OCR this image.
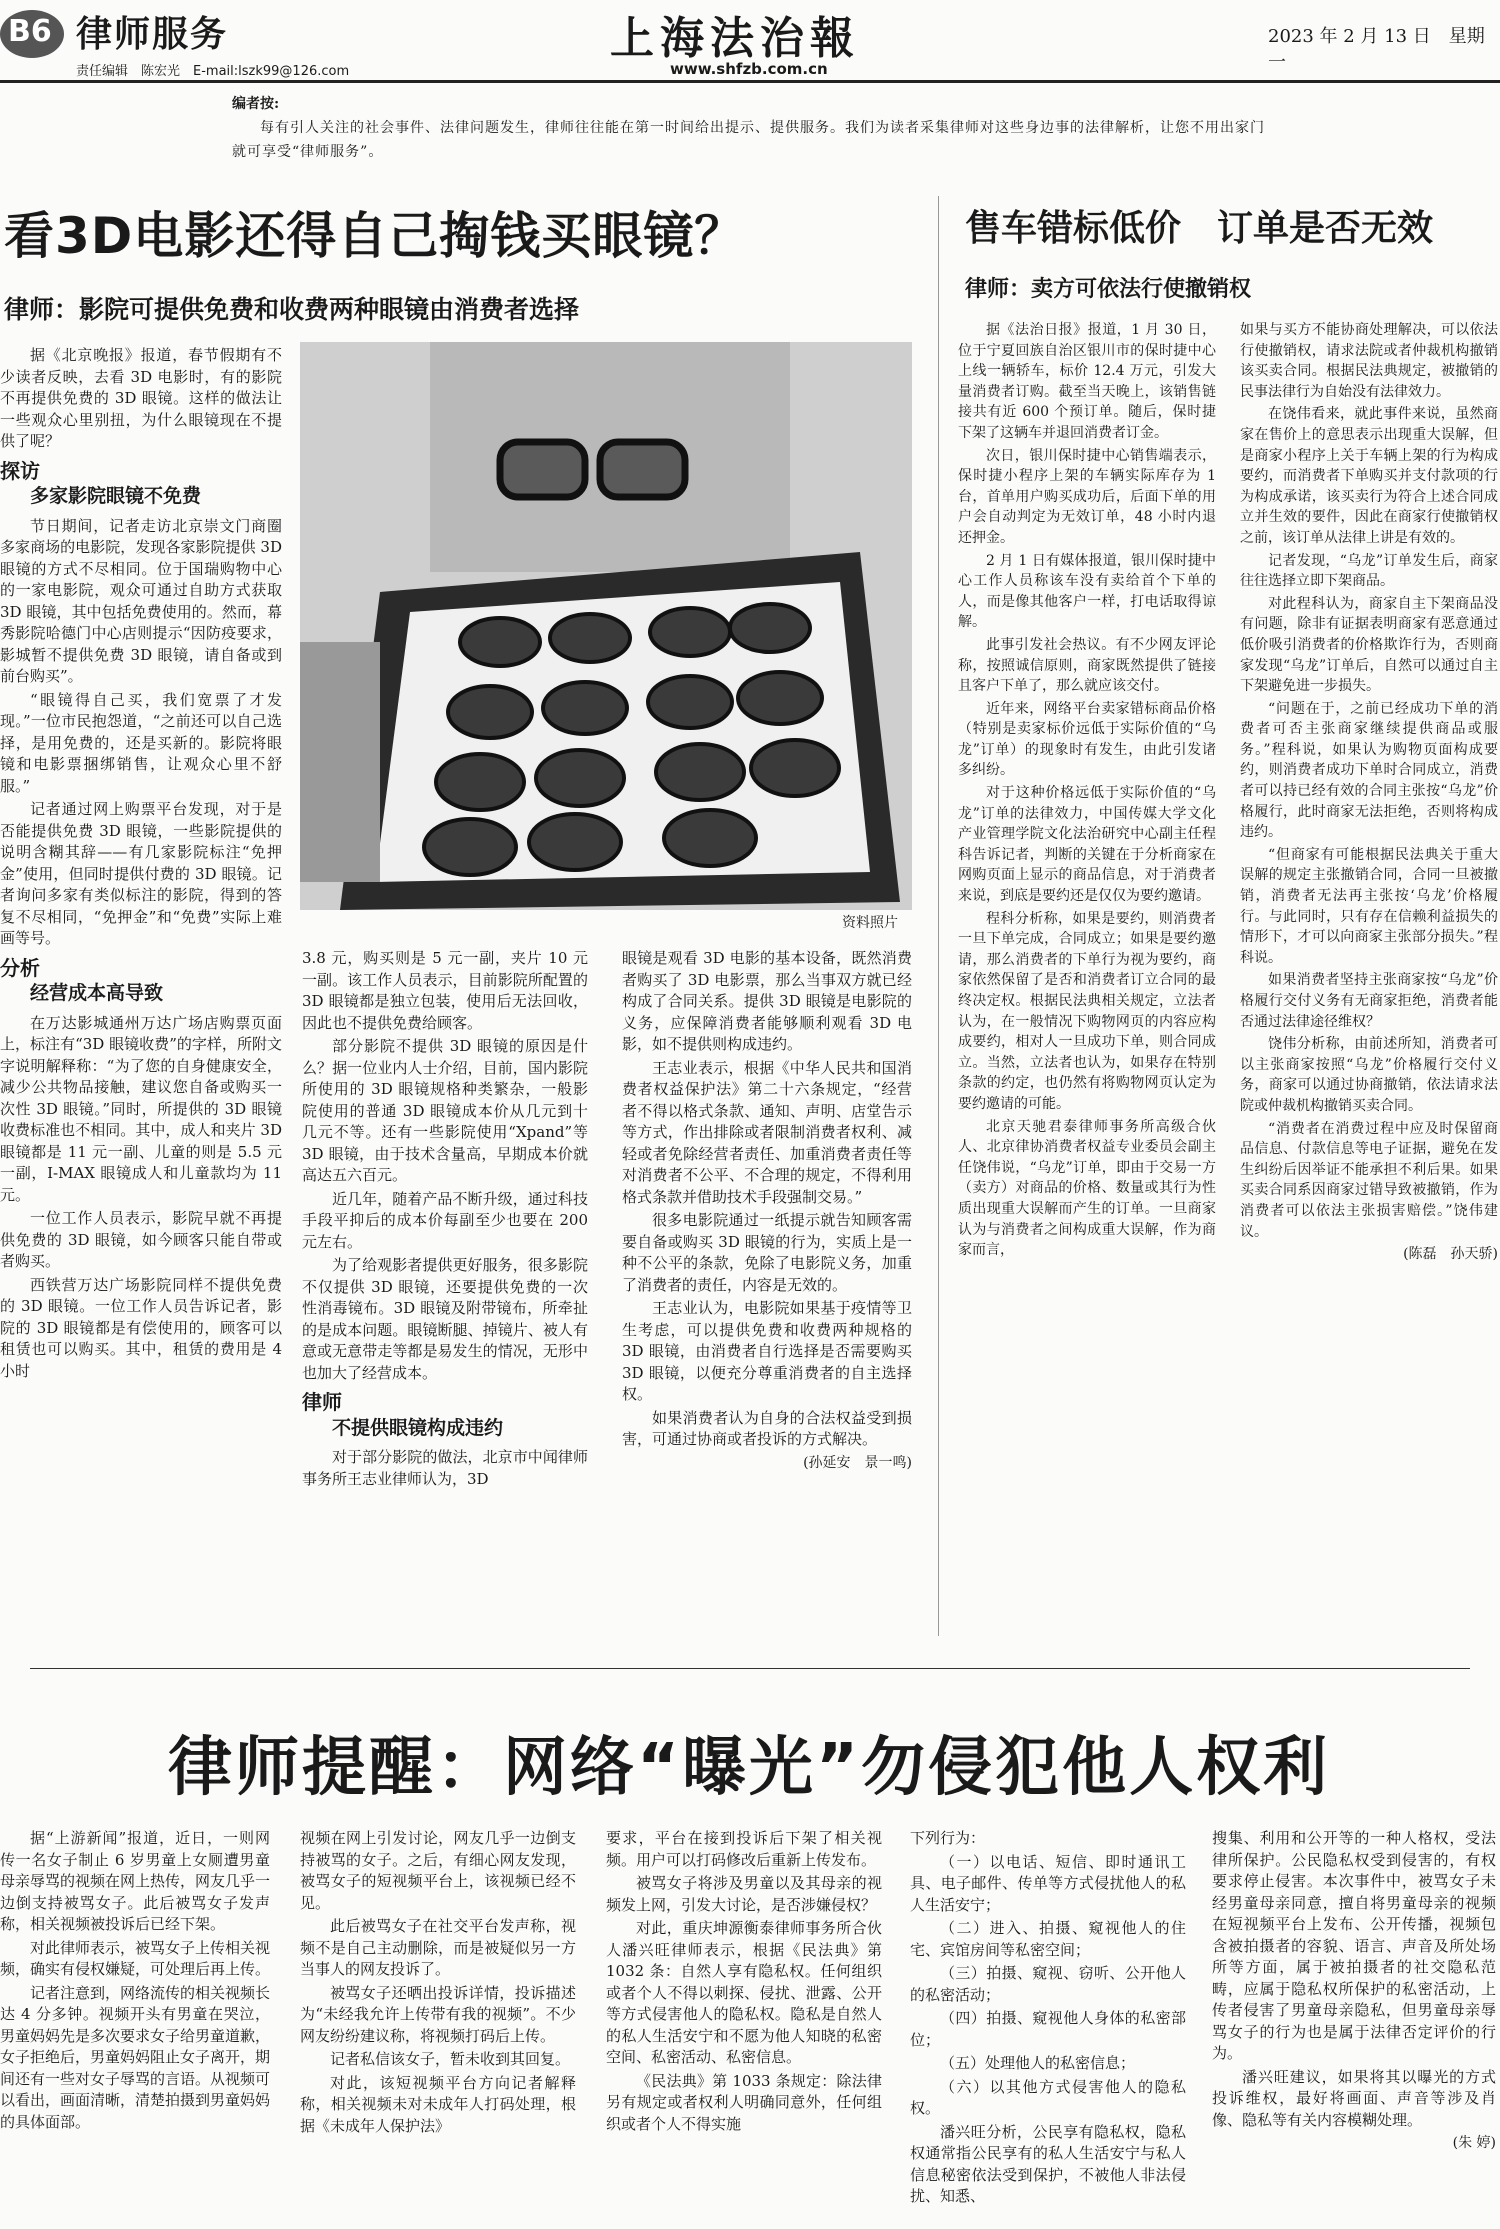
B6 律师服务
责任编辑　陈宏光　E-mail:lszk99@126.com
上海法治報
www.shfzb.com.cn
2023 年 2 月 13 日　星期一
编者按:
每有引人关注的社会事件、法律问题发生，律师往往能在第一时间给出提示、提供服务。我们为读者采集律师对这些身边事的法律解析，让您不用出家门就可享受“律师服务”。
看3D电影还得自己掏钱买眼镜？
律师：影院可提供免费和收费两种眼镜由消费者选择
资料照片

据《北京晚报》报道，春节假期有不少读者反映，去看 3D 电影时，有的影院不再提供免费的 3D 眼镜。这样的做法让一些观众心里别扭，为什么眼镜现在不提供了呢？

探访
多家影院眼镜不免费

节日期间，记者走访北京崇文门商圈多家商场的电影院，发现各家影院提供 3D 眼镜的方式不尽相同。位于国瑞购物中心的一家电影院，观众可通过自助方式获取 3D 眼镜，其中包括免费使用的。然而，幕秀影院哈德门中心店则提示“因防疫要求，影城暂不提供免费 3D 眼镜，请自备或到前台购买”。

“眼镜得自己买，我们宽票了才发现。”一位市民抱怨道，“之前还可以自己选择，是用免费的，还是买新的。影院将眼镜和电影票捆绑销售，让观众心里不舒服。”

记者通过网上购票平台发现，对于是否能提供免费 3D 眼镜，一些影院提供的说明含糊其辞——有几家影院标注“免押金”使用，但同时提供付费的 3D 眼镜。记者询问多家有类似标注的影院，得到的答复不尽相同，“免押金”和“免费”实际上难画等号。

分析
经营成本高导致

在万达影城通州万达广场店购票页面上，标注有“3D 眼镜收费”的字样，所附文字说明解释称：“为了您的自身健康安全，减少公共物品接触，建议您自备或购买一次性 3D 眼镜。”同时，所提供的 3D 眼镜收费标准也不相同。其中，成人和夹片 3D 眼镜都是 11 元一副、儿童的则是 5.5 元一副，I-MAX 眼镜成人和儿童款均为 11 元。

一位工作人员表示，影院早就不再提供免费的 3D 眼镜，如今顾客只能自带或者购买。

西铁营万达广场影院同样不提供免费的 3D 眼镜。一位工作人员告诉记者，影院的 3D 眼镜都是有偿使用的，顾客可以租赁也可以购买。其中，租赁的费用是 4 小时

3.8 元，购买则是 5 元一副，夹片 10 元一副。该工作人员表示，目前影院所配置的 3D 眼镜都是独立包装，使用后无法回收，因此也不提供免费给顾客。

部分影院不提供 3D 眼镜的原因是什么？据一位业内人士介绍，目前，国内影院所使用的 3D 眼镜规格种类繁杂，一般影院使用的普通 3D 眼镜成本价从几元到十几元不等。还有一些影院使用“Xpand”等 3D 眼镜，由于技术含量高，早期成本价就高达五六百元。

近几年，随着产品不断升级，通过科技手段平抑后的成本价每副至少也要在 200 元左右。

为了给观影者提供更好服务，很多影院不仅提供 3D 眼镜，还要提供免费的一次性消毒镜布。3D 眼镜及附带镜布，所牵扯的是成本问题。眼镜断腿、掉镜片、被人有意或无意带走等都是易发生的情况，无形中也加大了经营成本。

律师
不提供眼镜构成违约

对于部分影院的做法，北京市中闻律师事务所王志业律师认为，3D

眼镜是观看 3D 电影的基本设备，既然消费者购买了 3D 电影票，那么当事双方就已经构成了合同关系。提供 3D 眼镜是电影院的义务，应保障消费者能够顺利观看 3D 电影，如不提供则构成违约。

王志业表示，根据《中华人民共和国消费者权益保护法》第二十六条规定，“经营者不得以格式条款、通知、声明、店堂告示等方式，作出排除或者限制消费者权利、减轻或者免除经营者责任、加重消费者责任等对消费者不公平、不合理的规定，不得利用格式条款并借助技术手段强制交易。”

很多电影院通过一纸提示就告知顾客需要自备或购买 3D 眼镜的行为，实质上是一种不公平的条款，免除了电影院义务，加重了消费者的责任，内容是无效的。

王志业认为，电影院如果基于疫情等卫生考虑，可以提供免费和收费两种规格的 3D 眼镜，由消费者自行选择是否需要购买 3D 眼镜，以便充分尊重消费者的自主选择权。

如果消费者认为自身的合法权益受到损害，可通过协商或者投诉的方式解决。

(孙延安　景一鸣)

售车错标低价　订单是否无效
律师：卖方可依法行使撤销权

据《法治日报》报道，1 月 30 日，位于宁夏回族自治区银川市的保时捷中心上线一辆轿车，标价 12.4 万元，引发大量消费者订购。截至当天晚上，该销售链接共有近 600 个预订单。随后，保时捷下架了这辆车并退回消费者订金。

次日，银川保时捷中心销售端表示，保时捷小程序上架的车辆实际库存为 1 台，首单用户购买成功后，后面下单的用户会自动判定为无效订单，48 小时内退还押金。

2 月 1 日有媒体报道，银川保时捷中心工作人员称该车没有卖给首个下单的人，而是像其他客户一样，打电话取得谅解。

此事引发社会热议。有不少网友评论称，按照诚信原则，商家既然提供了链接且客户下单了，那么就应该交付。

近年来，网络平台卖家错标商品价格（特别是卖家标价远低于实际价值的“乌龙”订单）的现象时有发生，由此引发诸多纠纷。

对于这种价格远低于实际价值的“乌龙”订单的法律效力，中国传媒大学文化产业管理学院文化法治研究中心副主任程科告诉记者，判断的关键在于分析商家在网购页面上显示的商品信息，对于消费者来说，到底是要约还是仅仅为要约邀请。

程科分析称，如果是要约，则消费者一旦下单完成，合同成立；如果是要约邀请，那么消费者的下单行为视为要约，商家依然保留了是否和消费者订立合同的最终决定权。根据民法典相关规定，立法者认为，在一般情况下购物网页的内容应构成要约，相对人一旦成功下单，则合同成立。当然，立法者也认为，如果存在特别条款的约定，也仍然有将购物网页认定为要约邀请的可能。

北京天驰君泰律师事务所高级合伙人、北京律协消费者权益专业委员会副主任饶伟说，“乌龙”订单，即由于交易一方（卖方）对商品的价格、数量或其行为性质出现重大误解而产生的订单。一旦商家认为与消费者之间构成重大误解，作为商家而言，

如果与买方不能协商处理解决，可以依法行使撤销权，请求法院或者仲裁机构撤销该买卖合同。根据民法典规定，被撤销的民事法律行为自始没有法律效力。

在饶伟看来，就此事件来说，虽然商家在售价上的意思表示出现重大误解，但是商家小程序上关于车辆上架的行为构成要约，而消费者下单购买并支付款项的行为构成承诺，该买卖行为符合上述合同成立并生效的要件，因此在商家行使撤销权之前，该订单从法律上讲是有效的。

记者发现，“乌龙”订单发生后，商家往往选择立即下架商品。

对此程科认为，商家自主下架商品没有问题，除非有证据表明商家有恶意通过低价吸引消费者的价格欺诈行为，否则商家发现“乌龙”订单后，自然可以通过自主下架避免进一步损失。

“问题在于，之前已经成功下单的消费者可否主张商家继续提供商品或服务。”程科说，如果认为购物页面构成要约，则消费者成功下单时合同成立，消费者可以持已经有效的合同主张按“乌龙”价格履行，此时商家无法拒绝，否则将构成违约。

“但商家有可能根据民法典关于重大误解的规定主张撤销合同，合同一旦被撤销，消费者无法再主张按‘乌龙’价格履行。与此同时，只有存在信赖利益损失的情形下，才可以向商家主张部分损失。”程科说。

如果消费者坚持主张商家按“乌龙”价格履行交付义务有无商家拒绝，消费者能否通过法律途径维权？

饶伟分析称，由前述所知，消费者可以主张商家按照“乌龙”价格履行交付义务，商家可以通过协商撤销，依法请求法院或仲裁机构撤销买卖合同。

“消费者在消费过程中应及时保留商品信息、付款信息等电子证据，避免在发生纠纷后因举证不能承担不利后果。如果买卖合同系因商家过错导致被撤销，作为消费者可以依法主张损害赔偿。”饶伟建议。

(陈磊　孙天骄)

律师提醒：网络“曝光”勿侵犯他人权利

据“上游新闻”报道，近日，一则网传一名女子制止 6 岁男童上女厕遭男童母亲辱骂的视频在网上热传，网友几乎一边倒支持被骂女子。此后被骂女子发声称，相关视频被投诉后已经下架。

对此律师表示，被骂女子上传相关视频，确实有侵权嫌疑，可处理后再上传。

记者注意到，网络流传的相关视频长达 4 分多钟。视频开头有男童在哭泣，男童妈妈先是多次要求女子给男童道歉，女子拒绝后，男童妈妈阻止女子离开，期间还有一些对女子辱骂的言语。从视频可以看出，画面清晰，清楚拍摄到男童妈妈的具体面部。

视频在网上引发讨论，网友几乎一边倒支持被骂的女子。之后，有细心网友发现，被骂女子的短视频平台上，该视频已经不见。

此后被骂女子在社交平台发声称，视频不是自己主动删除，而是被疑似另一方当事人的网友投诉了。

被骂女子还晒出投诉详情，投诉描述为“未经我允许上传带有我的视频”。不少网友纷纷建议称，将视频打码后上传。

记者私信该女子，暂未收到其回复。

对此，该短视频平台方向记者解释称，相关视频未对未成年人打码处理，根据《未成年人保护法》

要求，平台在接到投诉后下架了相关视频。用户可以打码修改后重新上传发布。

被骂女子将涉及男童以及其母亲的视频发上网，引发大讨论，是否涉嫌侵权？

对此，重庆坤源衡泰律师事务所合伙人潘兴旺律师表示，根据《民法典》第 1032 条：自然人享有隐私权。任何组织或者个人不得以刺探、侵扰、泄露、公开等方式侵害他人的隐私权。隐私是自然人的私人生活安宁和不愿为他人知晓的私密空间、私密活动、私密信息。

《民法典》第 1033 条规定：除法律另有规定或者权利人明确同意外，任何组织或者个人不得实施

下列行为：

（一）以电话、短信、即时通讯工具、电子邮件、传单等方式侵扰他人的私人生活安宁；

（二）进入、拍摄、窥视他人的住宅、宾馆房间等私密空间；

（三）拍摄、窥视、窃听、公开他人的私密活动；

（四）拍摄、窥视他人身体的私密部位；

（五）处理他人的私密信息；

（六）以其他方式侵害他人的隐私权。

潘兴旺分析，公民享有隐私权，隐私权通常指公民享有的私人生活安宁与私人信息秘密依法受到保护，不被他人非法侵扰、知悉、

搜集、利用和公开等的一种人格权，受法律所保护。公民隐私权受到侵害的，有权要求停止侵害。本次事件中，被骂女子未经男童母亲同意，擅自将男童母亲的视频在短视频平台上发布、公开传播，视频包含被拍摄者的容貌、语言、声音及所处场所等方面，属于被拍摄者的社交隐私范畴，应属于隐私权所保护的私密活动，上传者侵害了男童母亲隐私，但男童母亲辱骂女子的行为也是属于法律否定评价的行为。

潘兴旺建议，如果将其以曝光的方式投诉维权，最好将画面、声音等涉及肖像、隐私等有关内容模糊处理。

(朱 婷)
